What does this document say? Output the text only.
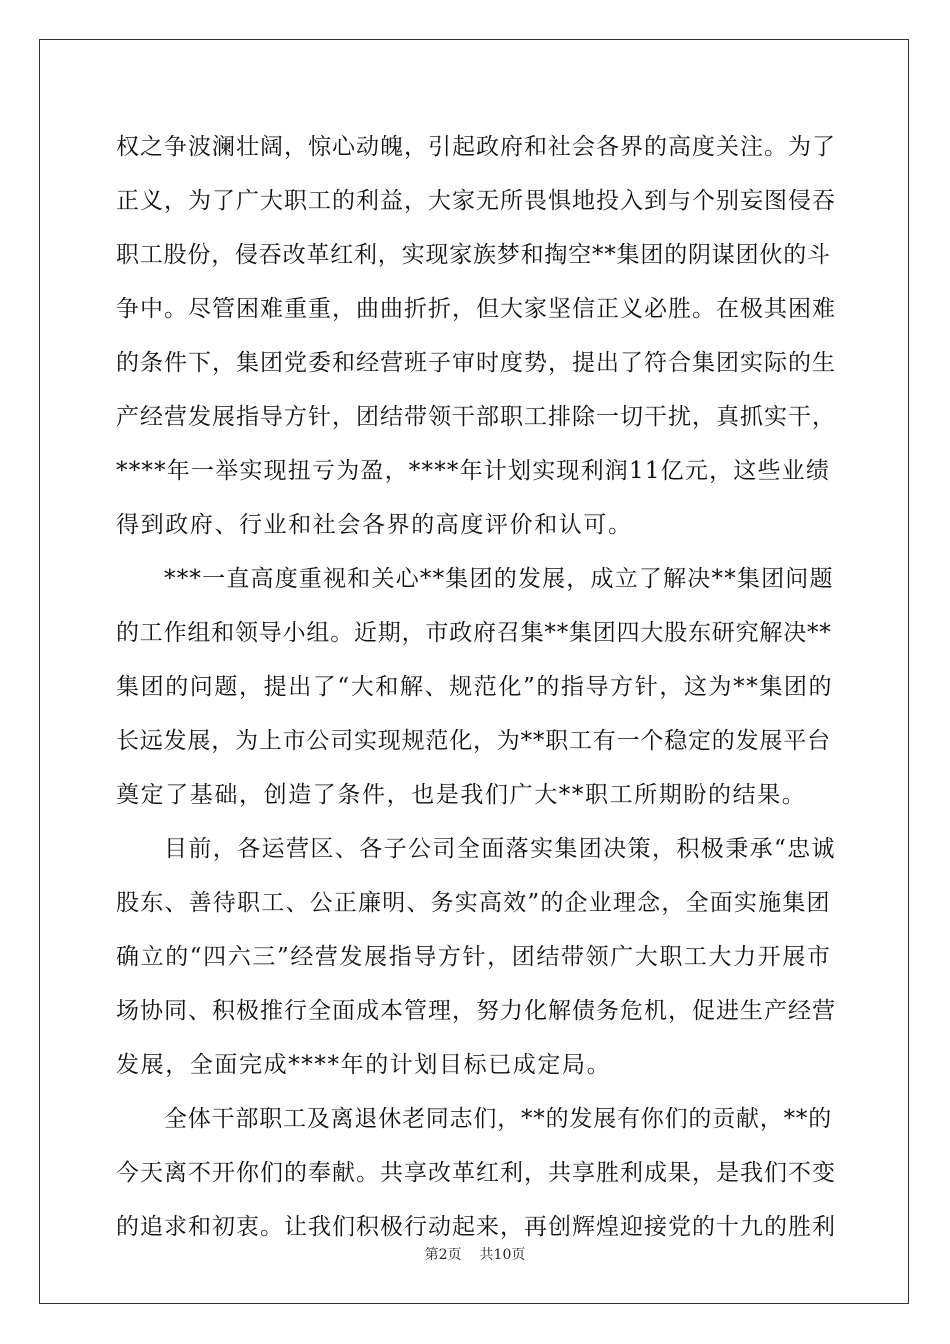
权之争波澜壮阔，惊心动魄，引起政府和社会各界的高度关注。为了
正义，为了广大职工的利益，大家无所畏惧地投入到与个别妄图侵吞
职工股份，侵吞改革红利，实现家族梦和掏空**集团的阴谋团伙的斗
争中。尽管困难重重，曲曲折折，但大家坚信正义必胜。在极其困难
的条件下，集团党委和经营班子审时度势，提出了符合集团实际的生
产经营发展指导方针，团结带领干部职工排除一切干扰，真抓实干，
****年一举实现扭亏为盈，****年计划实现利润11亿元，这些业绩
得到政府、行业和社会各界的高度评价和认可。
***一直高度重视和关心**集团的发展，成立了解决**集团问题
的工作组和领导小组。近期，市政府召集**集团四大股东研究解决**
集团的问题，提出了“大和解、规范化”的指导方针，这为**集团的
长远发展，为上市公司实现规范化，为**职工有一个稳定的发展平台
奠定了基础，创造了条件，也是我们广大**职工所期盼的结果。
目前，各运营区、各子公司全面落实集团决策，积极秉承“忠诚
股东、善待职工、公正廉明、务实高效”的企业理念，全面实施集团
确立的“四六三”经营发展指导方针，团结带领广大职工大力开展市
场协同、积极推行全面成本管理，努力化解债务危机，促进生产经营
发展，全面完成****年的计划目标已成定局。
全体干部职工及离退休老同志们，**的发展有你们的贡献，**的
今天离不开你们的奉献。共享改革红利，共享胜利成果，是我们不变
的追求和初衷。让我们积极行动起来，再创辉煌迎接党的十九的胜利
第2页 共10页
